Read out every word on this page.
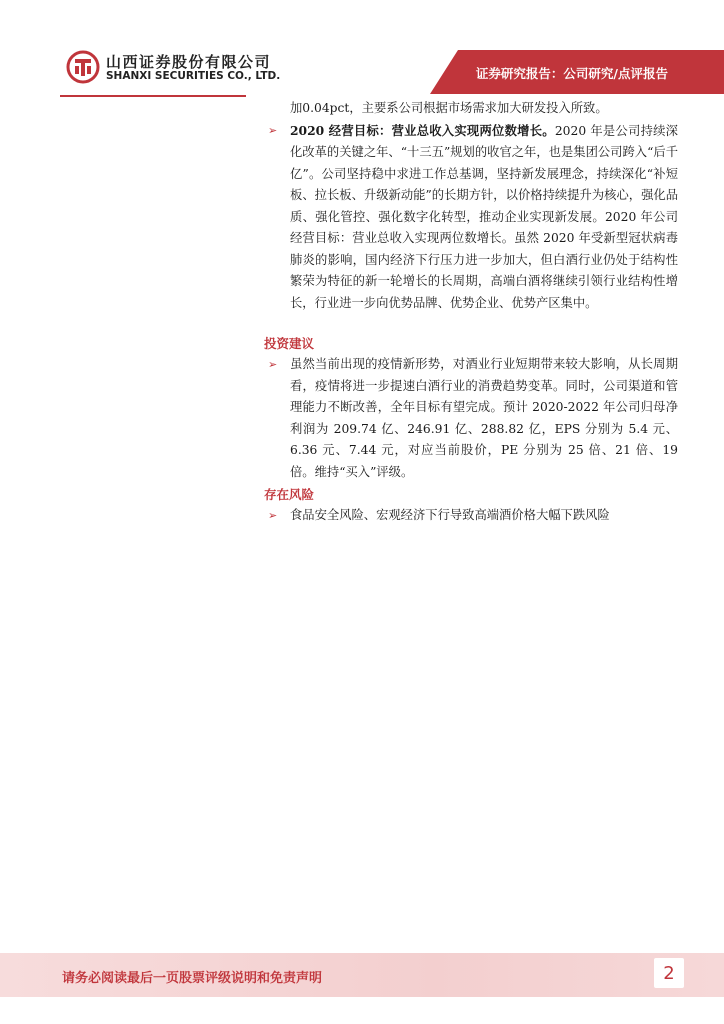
山西证券股份有限公司
SHANXI SECURITIES CO., LTD.	证券研究报告：公司研究/点评报告

加0.04pct，主要系公司根据市场需求加大研发投入所致。

➢ 2020 经营目标：营业总收入实现两位数增长。2020 年是公司持续深化改革的关键之年、“十三五”规划的收官之年，也是集团公司跨入“后千亿”。公司坚持稳中求进工作总基调，坚持新发展理念，持续深化“补短板、拉长板、升级新动能”的长期方针，以价格持续提升为核心，强化品质、强化管控、强化数字化转型，推动企业实现新发展。2020 年公司经营目标：营业总收入实现两位数增长。虽然 2020 年受新型冠状病毒肺炎的影响，国内经济下行压力进一步加大，但白酒行业仍处于结构性繁荣为特征的新一轮增长的长周期，高端白酒将继续引领行业结构性增长，行业进一步向优势品牌、优势企业、优势产区集中。

投资建议

➢ 虽然当前出现的疫情新形势，对酒业行业短期带来较大影响，从长周期看，疫情将进一步提速白酒行业的消费趋势变革。同时，公司渠道和管理能力不断改善，全年目标有望完成。预计 2020-2022 年公司归母净利润为 209.74 亿、246.91 亿、288.82 亿，EPS 分别为 5.4 元、6.36 元、7.44 元，对应当前股价，PE 分别为 25 倍、21 倍、19 倍。维持“买入”评级。

存在风险

➢ 食品安全风险、宏观经济下行导致高端酒价格大幅下跌风险

请务必阅读最后一页股票评级说明和免责声明	2
